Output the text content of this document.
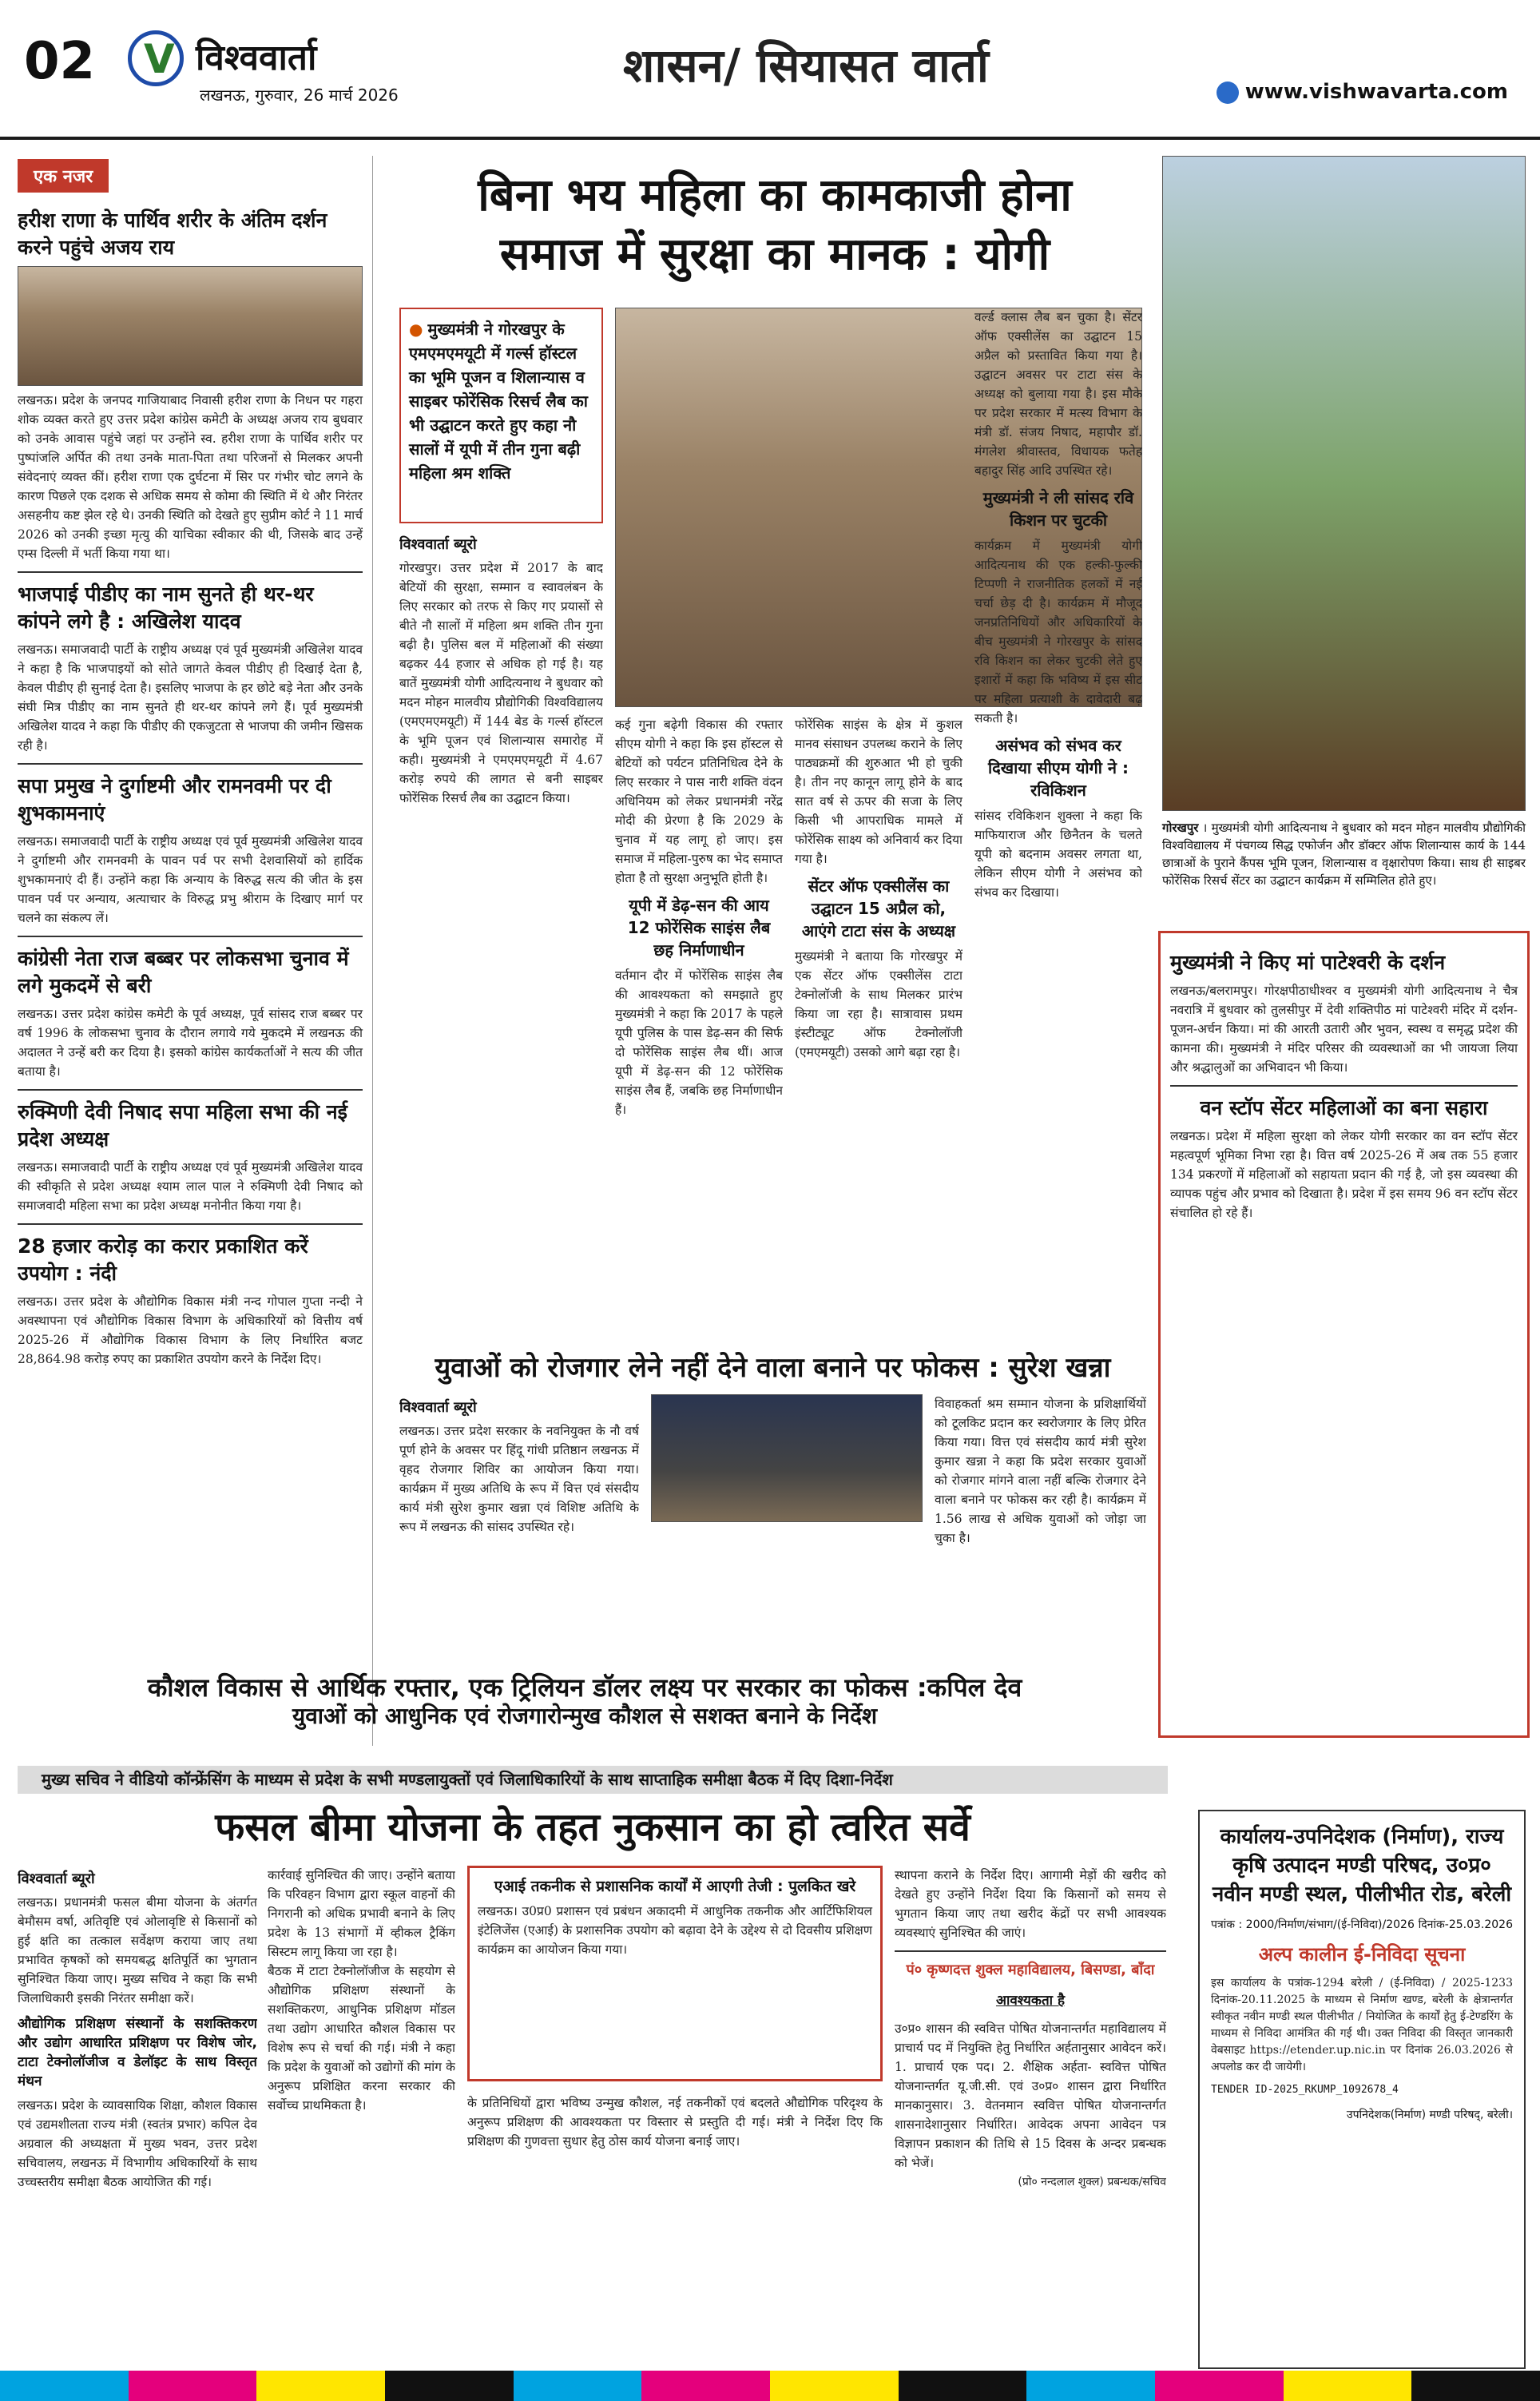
02
V	विश्ववार्ता
लखनऊ, गुरुवार, 26 मार्च 2026
शासन/ सियासत वार्ता	www.vishwavarta.com
एक नजर
हरीश राणा के पार्थिव शरीर के अंतिम दर्शन करने पहुंचे अजय राय

लखनऊ। प्रदेश के जनपद गाजियाबाद निवासी हरीश राणा के निधन पर गहरा शोक व्यक्त करते हुए उत्तर प्रदेश कांग्रेस कमेटी के अध्यक्ष अजय राय बुधवार को उनके आवास पहुंचे जहां पर उन्होंने स्व. हरीश राणा के पार्थिव शरीर पर पुष्पांजलि अर्पित की तथा उनके माता-पिता तथा परिजनों से मिलकर अपनी संवेदनाएं व्यक्त कीं। हरीश राणा एक दुर्घटना में सिर पर गंभीर चोट लगने के कारण पिछले एक दशक से अधिक समय से कोमा की स्थिति में थे और निरंतर असहनीय कष्ट झेल रहे थे। उनकी स्थिति को देखते हुए सुप्रीम कोर्ट ने 11 मार्च 2026 को उनकी इच्छा मृत्यु की याचिका स्वीकार की थी, जिसके बाद उन्हें एम्स दिल्ली में भर्ती किया गया था।

भाजपाई पीडीए का नाम सुनते ही थर-थर कांपने लगे है : अखिलेश यादव

लखनऊ। समाजवादी पार्टी के राष्ट्रीय अध्यक्ष एवं पूर्व मुख्यमंत्री अखिलेश यादव ने कहा है कि भाजपाइयों को सोते जागते केवल पीडीए ही दिखाई देता है, केवल पीडीए ही सुनाई देता है। इसलिए भाजपा के हर छोटे बड़े नेता और उनके संघी मित्र पीडीए का नाम सुनते ही थर-थर कांपने लगे हैं। पूर्व मुख्यमंत्री अखिलेश यादव ने कहा कि पीडीए की एकजुटता से भाजपा की जमीन खिसक रही है।

सपा प्रमुख ने दुर्गाष्टमी और रामनवमी पर दी शुभकामनाएं

लखनऊ। समाजवादी पार्टी के राष्ट्रीय अध्यक्ष एवं पूर्व मुख्यमंत्री अखिलेश यादव ने दुर्गाष्टमी और रामनवमी के पावन पर्व पर सभी देशवासियों को हार्दिक शुभकामनाएं दी हैं। उन्होंने कहा कि अन्याय के विरुद्ध सत्य की जीत के इस पावन पर्व पर अन्याय, अत्याचार के विरुद्ध प्रभु श्रीराम के दिखाए मार्ग पर चलने का संकल्प लें।

कांग्रेसी नेता राज बब्बर पर लोकसभा चुनाव में लगे मुकदमें से बरी

लखनऊ। उत्तर प्रदेश कांग्रेस कमेटी के पूर्व अध्यक्ष, पूर्व सांसद राज बब्बर पर वर्ष 1996 के लोकसभा चुनाव के दौरान लगाये गये मुकदमे में लखनऊ की अदालत ने उन्हें बरी कर दिया है। इसको कांग्रेस कार्यकर्ताओं ने सत्य की जीत बताया है।

रुक्मिणी देवी निषाद सपा महिला सभा की नई प्रदेश अध्यक्ष

लखनऊ। समाजवादी पार्टी के राष्ट्रीय अध्यक्ष एवं पूर्व मुख्यमंत्री अखिलेश यादव की स्वीकृति से प्रदेश अध्यक्ष श्याम लाल पाल ने रुक्मिणी देवी निषाद को समाजवादी महिला सभा का प्रदेश अध्यक्ष मनोनीत किया गया है।

28 हजार करोड़ का करार प्रकाशित करें उपयोग : नंदी

लखनऊ। उत्तर प्रदेश के औद्योगिक विकास मंत्री नन्द गोपाल गुप्ता नन्दी ने अवस्थापना एवं औद्योगिक विकास विभाग के अधिकारियों को वित्तीय वर्ष 2025-26 में औद्योगिक विकास विभाग के लिए निर्धारित बजट 28,864.98 करोड़ रुपए का प्रकाशित उपयोग करने के निर्देश दिए।

बिना भय महिला का कामकाजी होना
समाज में सुरक्षा का मानक : योगी
● मुख्यमंत्री ने गोरखपुर के एमएमएमयूटी में गर्ल्स हॉस्टल का भूमि पूजन व शिलान्यास व साइबर फोरेंसिक रिसर्च लैब का भी उद्घाटन करते हुए कहा नौ सालों में यूपी में तीन गुना बढ़ी महिला श्रम शक्ति
विश्ववार्ता ब्यूरो

गोरखपुर। उत्तर प्रदेश में 2017 के बाद बेटियों की सुरक्षा, सम्मान व स्वावलंबन के लिए सरकार को तरफ से किए गए प्रयासों से बीते नौ सालों में महिला श्रम शक्ति तीन गुना बढ़ी है। पुलिस बल में महिलाओं की संख्या बढ़कर 44 हजार से अधिक हो गई है। यह बातें मुख्यमंत्री योगी आदित्यनाथ ने बुधवार को मदन मोहन मालवीय प्रौद्योगिकी विश्वविद्यालय (एमएमएमयूटी) में 144 बेड के गर्ल्स हॉस्टल के भूमि पूजन एवं शिलान्यास समारोह में कही। मुख्यमंत्री ने एमएमएमयूटी में 4.67 करोड़ रुपये की लागत से बनी साइबर फोरेंसिक रिसर्च लैब का उद्घाटन किया।

कई गुना बढ़ेगी विकास की रफ्तार सीएम योगी ने कहा कि इस हॉस्टल से बेटियों को पर्यटन प्रतिनिधित्व देने के लिए सरकार ने पास नारी शक्ति वंदन अधिनियम को लेकर प्रधानमंत्री नरेंद्र मोदी की प्रेरणा है कि 2029 के चुनाव में यह लागू हो जाए। इस समाज में महिला-पुरुष का भेद समाप्त होता है तो सुरक्षा अनुभूति होती है।

यूपी में डेढ़-सन की आय 12 फोरेंसिक साइंस लैब छह निर्माणाधीन

वर्तमान दौर में फोरेंसिक साइंस लैब की आवश्यकता को समझाते हुए मुख्यमंत्री ने कहा कि 2017 के पहले यूपी पुलिस के पास डेढ़-सन की सिर्फ दो फोरेंसिक साइंस लैब थीं। आज यूपी में डेढ़-सन की 12 फोरेंसिक साइंस लैब हैं, जबकि छह निर्माणाधीन हैं।

फोरेंसिक साइंस के क्षेत्र में कुशल मानव संसाधन उपलब्ध कराने के लिए पाठ्यक्रमों की शुरुआत भी हो चुकी है। तीन नए कानून लागू होने के बाद सात वर्ष से ऊपर की सजा के लिए किसी भी आपराधिक मामले में फोरेंसिक साक्ष्य को अनिवार्य कर दिया गया है।

सेंटर ऑफ एक्सीलेंस का उद्घाटन 15 अप्रैल को, आएंगे टाटा संस के अध्यक्ष

मुख्यमंत्री ने बताया कि गोरखपुर में एक सेंटर ऑफ एक्सीलेंस टाटा टेक्नोलॉजी के साथ मिलकर प्रारंभ किया जा रहा है। सात्रावास प्रथम इंस्टीट्यूट ऑफ टेक्नोलॉजी (एमएमयूटी) उसको आगे बढ़ा रहा है।

वर्ल्ड क्लास लैब बन चुका है। सेंटर ऑफ एक्सीलेंस का उद्घाटन 15 अप्रैल को प्रस्तावित किया गया है। उद्घाटन अवसर पर टाटा संस के अध्यक्ष को बुलाया गया है। इस मौके पर प्रदेश सरकार में मत्स्य विभाग के मंत्री डॉ. संजय निषाद, महापौर डॉ. मंगलेश श्रीवास्तव, विधायक फतेह बहादुर सिंह आदि उपस्थित रहे।

मुख्यमंत्री ने ली सांसद रवि किशन पर चुटकी

कार्यक्रम में मुख्यमंत्री योगी आदित्यनाथ की एक हल्की-फुल्की टिप्पणी ने राजनीतिक हलकों में नई चर्चा छेड़ दी है। कार्यक्रम में मौजूद जनप्रतिनिधियों और अधिकारियों के बीच मुख्यमंत्री ने गोरखपुर के सांसद रवि किशन का लेकर चुटकी लेते हुए इशारों में कहा कि भविष्य में इस सीट पर महिला प्रत्याशी के दावेदारी बढ़ सकती है।

असंभव को संभव कर दिखाया सीएम योगी ने : रविकिशन

सांसद रविकिशन शुक्ला ने कहा कि माफियाराज और छिनैतन के चलते यूपी को बदनाम अवसर लगता था, लेकिन सीएम योगी ने असंभव को संभव कर दिखाया।

गोरखपुर । मुख्यमंत्री योगी आदित्यनाथ ने बुधवार को मदन मोहन मालवीय प्रौद्योगिकी विश्वविद्यालय में पंचगव्य सिद्ध एफोर्जन और डॉक्टर ऑफ शिलान्यास कार्य के 144 छात्राओं के पुराने कैंपस भूमि पूजन, शिलान्यास व वृक्षारोपण किया। साथ ही साइबर फोरेंसिक रिसर्च सेंटर का उद्घाटन कार्यक्रम में सम्मिलित होते हुए।
मुख्यमंत्री ने किए मां पाटेश्वरी के दर्शन

लखनऊ/बलरामपुर। गोरक्षपीठाधीश्वर व मुख्यमंत्री योगी आदित्यनाथ ने चैत्र नवरात्रि में बुधवार को तुलसीपुर में देवी शक्तिपीठ मां पाटेश्वरी मंदिर में दर्शन-पूजन-अर्चन किया। मां की आरती उतारी और भुवन, स्वस्थ व समृद्ध प्रदेश की कामना की। मुख्यमंत्री ने मंदिर परिसर की व्यवस्थाओं का भी जायजा लिया और श्रद्धालुओं का अभिवादन भी किया।

वन स्टॉप सेंटर महिलाओं का बना सहारा

लखनऊ। प्रदेश में महिला सुरक्षा को लेकर योगी सरकार का वन स्टॉप सेंटर महत्वपूर्ण भूमिका निभा रहा है। वित्त वर्ष 2025-26 में अब तक 55 हजार 134 प्रकरणों में महिलाओं को सहायता प्रदान की गई है, जो इस व्यवस्था की व्यापक पहुंच और प्रभाव को दिखाता है। प्रदेश में इस समय 96 वन स्टॉप सेंटर संचालित हो रहे हैं।

युवाओं को रोजगार लेने नहीं देने वाला बनाने पर फोकस : सुरेश खन्ना
विश्ववार्ता ब्यूरो

लखनऊ। उत्तर प्रदेश सरकार के नवनियुक्त के नौ वर्ष पूर्ण होने के अवसर पर हिंदू गांधी प्रतिष्ठान लखनऊ में वृहद रोजगार शिविर का आयोजन किया गया। कार्यक्रम में मुख्य अतिथि के रूप में वित्त एवं संसदीय कार्य मंत्री सुरेश कुमार खन्ना एवं विशिष्ट अतिथि के रूप में लखनऊ की सांसद उपस्थित रहे।

विवाहकर्ता श्रम सम्मान योजना के प्रशिक्षार्थियों को टूलकिट प्रदान कर स्वरोजगार के लिए प्रेरित किया गया। वित्त एवं संसदीय कार्य मंत्री सुरेश कुमार खन्ना ने कहा कि प्रदेश सरकार युवाओं को रोजगार मांगने वाला नहीं बल्कि रोजगार देने वाला बनाने पर फोकस कर रही है। कार्यक्रम में 1.56 लाख से अधिक युवाओं को जोड़ा जा चुका है।

कौशल विकास से आर्थिक रफ्तार, एक ट्रिलियन डॉलर लक्ष्य पर सरकार का फोकस :कपिल देव
युवाओं को आधुनिक एवं रोजगारोन्मुख कौशल से सशक्त बनाने के निर्देश
मुख्य सचिव ने वीडियो कॉन्फ्रेंसिंग के माध्यम से प्रदेश के सभी मण्डलायुक्तों एवं जिलाधिकारियों के साथ साप्ताहिक समीक्षा बैठक में दिए दिशा-निर्देश
फसल बीमा योजना के तहत नुकसान का हो त्वरित सर्वे
विश्ववार्ता ब्यूरो

लखनऊ। प्रधानमंत्री फसल बीमा योजना के अंतर्गत बेमौसम वर्षा, अतिवृष्टि एवं ओलावृष्टि से किसानों को हुई क्षति का तत्काल सर्वेक्षण कराया जाए तथा प्रभावित कृषकों को समयबद्ध क्षतिपूर्ति का भुगतान सुनिश्चित किया जाए। मुख्य सचिव ने कहा कि सभी जिलाधिकारी इसकी निरंतर समीक्षा करें।

औद्योगिक प्रशिक्षण संस्थानों के सशक्तिकरण और उद्योग आधारित प्रशिक्षण पर विशेष जोर, टाटा टेक्नोलॉजीज व डेलॉइट के साथ विस्तृत मंथन

लखनऊ। प्रदेश के व्यावसायिक शिक्षा, कौशल विकास एवं उद्यमशीलता राज्य मंत्री (स्वतंत्र प्रभार) कपिल देव अग्रवाल की अध्यक्षता में मुख्य भवन, उत्तर प्रदेश सचिवालय, लखनऊ में विभागीय अधिकारियों के साथ उच्चस्तरीय समीक्षा बैठक आयोजित की गई।

कार्रवाई सुनिश्चित की जाए। उन्होंने बताया कि परिवहन विभाग द्वारा स्कूल वाहनों की निगरानी को अधिक प्रभावी बनाने के लिए प्रदेश के 13 संभागों में व्हीकल ट्रैकिंग सिस्टम लागू किया जा रहा है।

बैठक में टाटा टेक्नोलॉजीज के सहयोग से औद्योगिक प्रशिक्षण संस्थानों के सशक्तिकरण, आधुनिक प्रशिक्षण मॉडल तथा उद्योग आधारित कौशल विकास पर विशेष रूप से चर्चा की गई। मंत्री ने कहा कि प्रदेश के युवाओं को उद्योगों की मांग के अनुरूप प्रशिक्षित करना सरकार की सर्वोच्च प्राथमिकता है।

एआई तकनीक से प्रशासनिक कार्यों में आएगी तेजी : पुलकित खरे

लखनऊ। उ0प्र0 प्रशासन एवं प्रबंधन अकादमी में आधुनिक तकनीक और आर्टिफिशियल इंटेलिजेंस (एआई) के प्रशासनिक उपयोग को बढ़ावा देने के उद्देश्य से दो दिवसीय प्रशिक्षण कार्यक्रम का आयोजन किया गया।

के प्रतिनिधियों द्वारा भविष्य उन्मुख कौशल, नई तकनीकों एवं बदलते औद्योगिक परिदृश्य के अनुरूप प्रशिक्षण की आवश्यकता पर विस्तार से प्रस्तुति दी गई। मंत्री ने निर्देश दिए कि प्रशिक्षण की गुणवत्ता सुधार हेतु ठोस कार्य योजना बनाई जाए।

स्थापना कराने के निर्देश दिए। आगामी मेड़ों की खरीद को देखते हुए उन्होंने निर्देश दिया कि किसानों को समय से भुगतान किया जाए तथा खरीद केंद्रों पर सभी आवश्यक व्यवस्थाएं सुनिश्चित की जाएं।

पं० कृष्णदत्त शुक्ल महाविद्यालय, बिसण्डा, बाँदा
आवश्यकता है

उ०प्र० शासन की स्ववित्त पोषित योजनान्तर्गत महाविद्यालय में प्राचार्य पद में नियुक्ति हेतु निर्धारित अर्हतानुसार आवेदन करें। 1. प्राचार्य एक पद। 2. शैक्षिक अर्हता- स्ववित्त पोषित योजनान्तर्गत यू.जी.सी. एवं उ०प्र० शासन द्वारा निर्धारित मानकानुसार। 3. वेतनमान स्ववित्त पोषित योजनान्तर्गत शासनादेशानुसार निर्धारित। आवेदक अपना आवेदन पत्र विज्ञापन प्रकाशन की तिथि से 15 दिवस के अन्दर प्रबन्धक को भेजें।

(प्रो० नन्दलाल शुक्ल) प्रबन्धक/सचिव

कार्यालय-उपनिदेशक (निर्माण), राज्य कृषि उत्पादन मण्डी परिषद, उ०प्र० नवीन मण्डी स्थल, पीलीभीत रोड, बरेली
पत्रांक : 2000/निर्माण/संभाग/(ई-निविदा)/2026 दिनांक-25.03.2026
अल्प कालीन ई-निविदा सूचना

इस कार्यालय के पत्रांक-1294 बरेली / (ई-निविदा) / 2025-1233 दिनांक-20.11.2025 के माध्यम से निर्माण खण्ड, बरेली के क्षेत्रान्तर्गत स्वीकृत नवीन मण्डी स्थल पीलीभीत / नियोजित के कार्यों हेतु ई-टेण्डरिंग के माध्यम से निविदा आमंत्रित की गई थी। उक्त निविदा की विस्तृत जानकारी वेबसाइट https://etender.up.nic.in पर दिनांक 26.03.2026 से अपलोड कर दी जायेगी।

TENDER ID-2025_RKUMP_1092678_4

उपनिदेशक(निर्माण) मण्डी परिषद्, बरेली।
